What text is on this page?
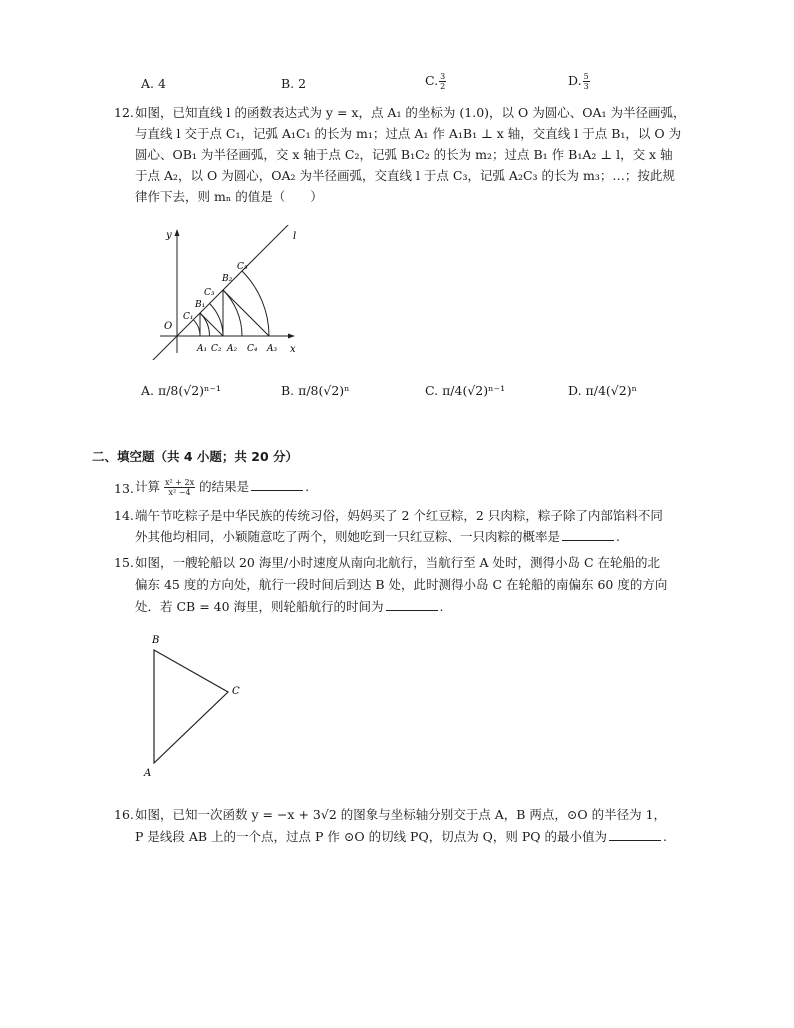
A. 4	B. 2	C. $\frac{3}{2}$	D. $\frac{5}{3}$
12. 如图，已知直线 l 的函数表达式为 y = x，点 A₁ 的坐标为 (1.0)，以 O 为圆心、OA₁ 为半径画弧，
与直线 l 交于点 C₁，记弧 A₁C₁ 的长为 m₁；过点 A₁ 作 A₁B₁ ⊥ x 轴，交直线 l 于点 B₁，以 O 为
圆心、OB₁ 为半径画弧，交 x 轴于点 C₂，记弧 B₁C₂ 的长为 m₂；过点 B₁ 作 B₁A₂ ⊥ l，交 x 轴
于点 A₂，以 O 为圆心，OA₂ 为半径画弧，交直线 l 于点 C₃，记弧 A₂C₃ 的长为 m₃；…；按此规
律作下去，则 mₙ 的值是（　　）
y	l
O
x
C₁
B₁
C₃
B₂
C₅
A₁ C₂ A₂ C₄ A₃
A. π/8(√2)ⁿ⁻¹	B. π/8(√2)ⁿ	C. π/4(√2)ⁿ⁻¹	D. π/4(√2)ⁿ
二、填空题（共 4 小题；共 20 分）
13. 计算 $\frac{\text{x² + 2x}}{\text{x² −4}}$ 的结果是	.
14. 端午节吃粽子是中华民族的传统习俗，妈妈买了 2 个红豆粽，2 只肉粽，粽子除了内部馅料不同
外其他均相同，小颖随意吃了两个，则她吃到一只红豆粽、一只肉粽的概率是	.
15. 如图，一艘轮船以 20 海里/小时速度从南向北航行，当航行至 A 处时，测得小岛 C 在轮船的北
偏东 45 度的方向处，航行一段时间后到达 B 处，此时测得小岛 C 在轮船的南偏东 60 度的方向
处．若 CB = 40 海里，则轮船航行的时间为	.
B
C
A
16. 如图，已知一次函数 y = −x + 3√2 的图象与坐标轴分别交于点 A，B 两点，⊙O 的半径为 1，
P 是线段 AB 上的一个点，过点 P 作 ⊙O 的切线 PQ，切点为 Q，则 PQ 的最小值为	.
